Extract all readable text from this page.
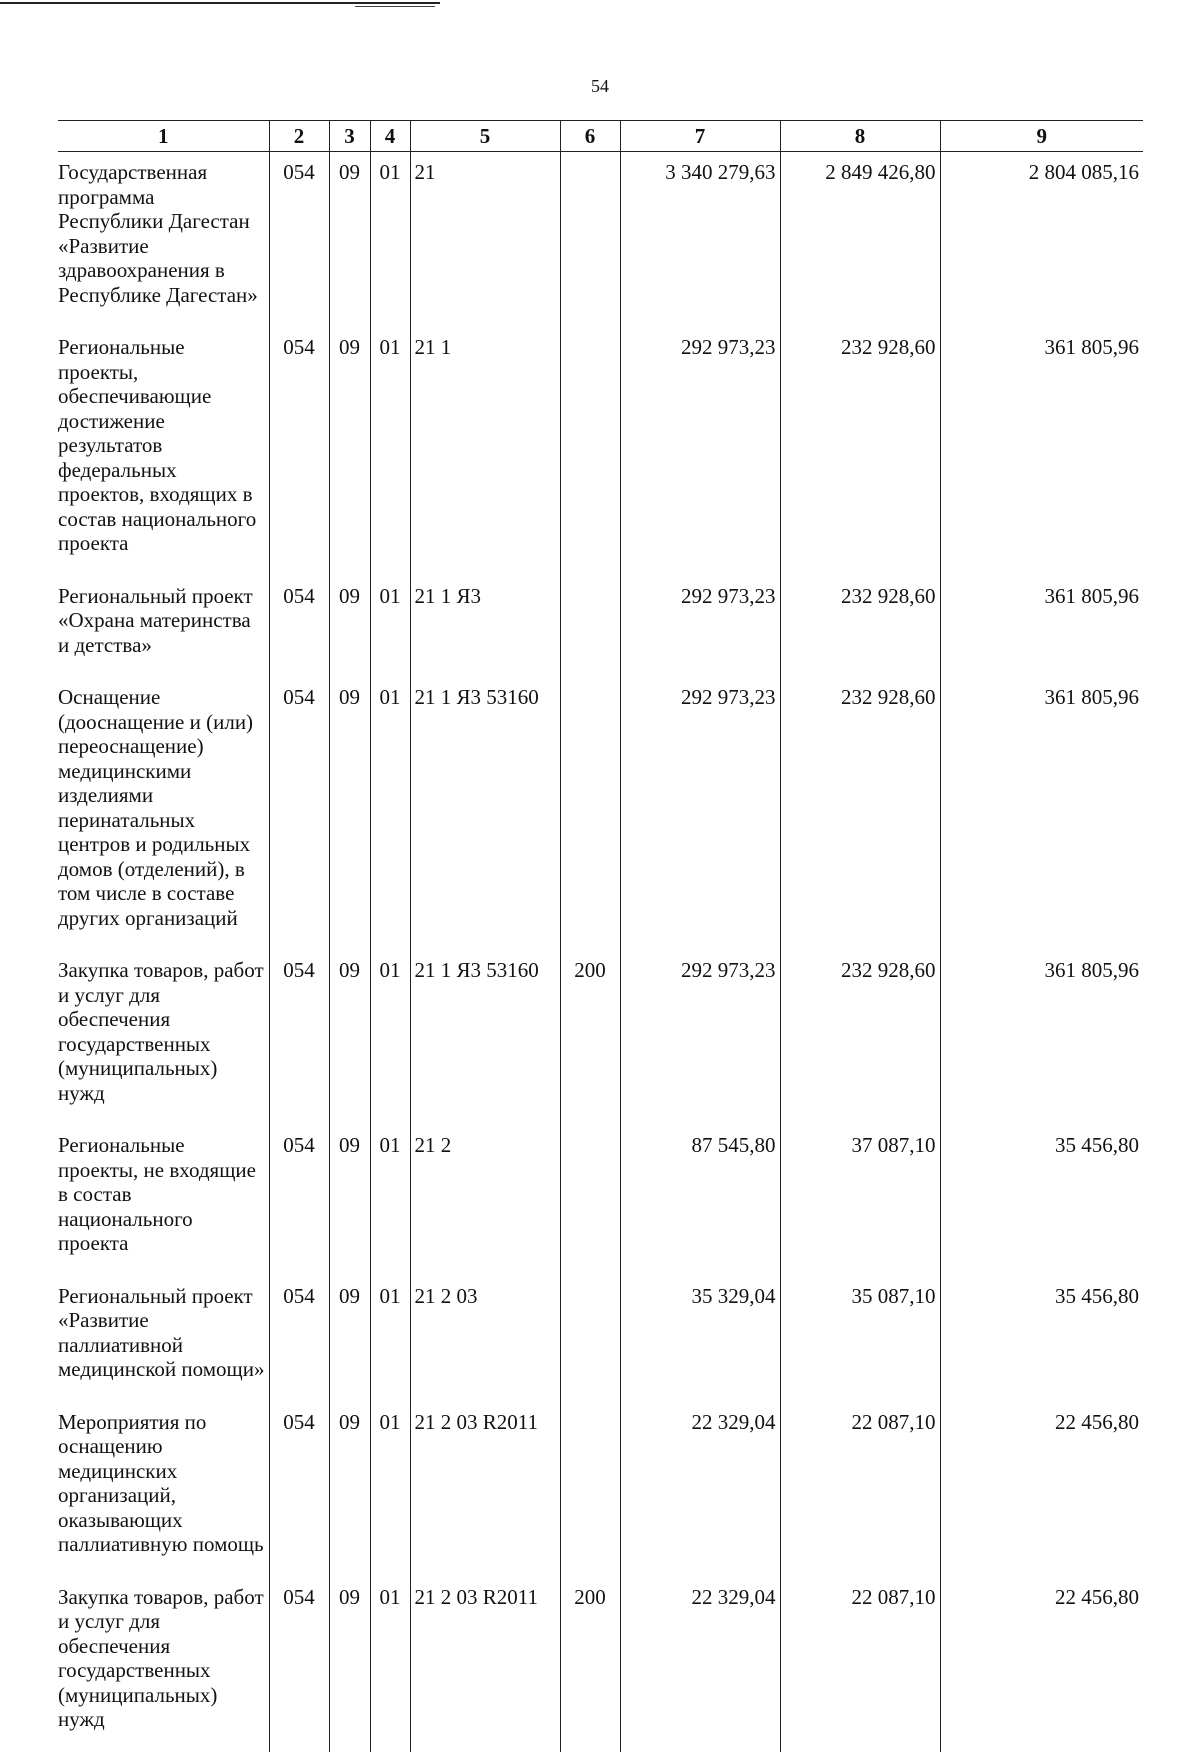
54
1	2	3	4	5	6	7	8	9
Государственная программа Республики Дагестан «Развитие здравоохранения в Республике Дагестан»	054	09	01	21		3 340 279,63	2 849 426,80	2 804 085,16
Региональные проекты, обеспечивающие достижение результатов федеральных проектов, входящих в состав национального проекта	054	09	01	21 1		292 973,23	232 928,60	361 805,96
Региональный проект «Охрана материнства и детства»	054	09	01	21 1 Я3		292 973,23	232 928,60	361 805,96
Оснащение (дооснащение и (или) переоснащение) медицинскими изделиями перинатальных центров и родильных домов (отделений), в том числе в составе других организаций	054	09	01	21 1 Я3 53160		292 973,23	232 928,60	361 805,96
Закупка товаров, работ и услуг для обеспечения государственных (муниципальных) нужд	054	09	01	21 1 Я3 53160	200	292 973,23	232 928,60	361 805,96
Региональные проекты, не входящие в состав национального проекта	054	09	01	21 2		87 545,80	37 087,10	35 456,80
Региональный проект «Развитие паллиативной медицинской помощи»	054	09	01	21 2 03		35 329,04	35 087,10	35 456,80
Мероприятия по оснащению медицинских организаций, оказывающих паллиативную помощь	054	09	01	21 2 03 R2011		22 329,04	22 087,10	22 456,80
Закупка товаров, работ и услуг для обеспечения государственных (муниципальных) нужд	054	09	01	21 2 03 R2011	200	22 329,04	22 087,10	22 456,80
